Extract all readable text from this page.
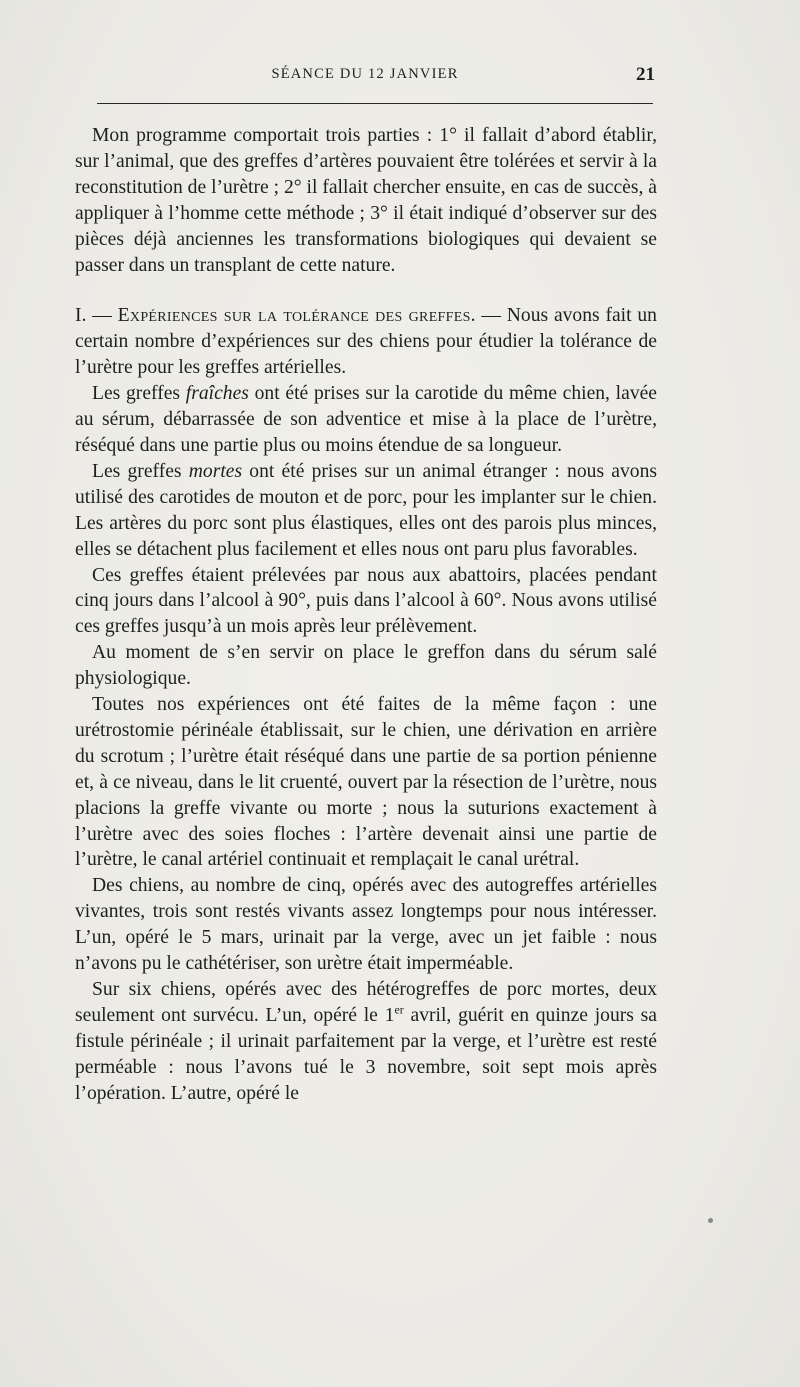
SÉANCE DU 12 JANVIER	21

Mon programme comportait trois parties : 1° il fallait d’abord établir, sur l’animal, que des greffes d’artères pouvaient être tolérées et servir à la reconstitution de l’urètre ; 2° il fallait chercher ensuite, en cas de succès, à appliquer à l’homme cette méthode ; 3° il était indiqué d’observer sur des pièces déjà anciennes les transformations biologiques qui devaient se passer dans un transplant de cette nature.

I. — Expériences sur la tolérance des greffes. — Nous avons fait un certain nombre d’expériences sur des chiens pour étudier la tolérance de l’urètre pour les greffes artérielles.

Les greffes fraîches ont été prises sur la carotide du même chien, lavée au sérum, débarrassée de son adventice et mise à la place de l’urètre, réséqué dans une partie plus ou moins étendue de sa longueur.

Les greffes mortes ont été prises sur un animal étranger : nous avons utilisé des carotides de mouton et de porc, pour les implanter sur le chien. Les artères du porc sont plus élastiques, elles ont des parois plus minces, elles se détachent plus facilement et elles nous ont paru plus favorables.

Ces greffes étaient prélevées par nous aux abattoirs, placées pendant cinq jours dans l’alcool à 90°, puis dans l’alcool à 60°. Nous avons utilisé ces greffes jusqu’à un mois après leur prélèvement.

Au moment de s’en servir on place le greffon dans du sérum salé physiologique.

Toutes nos expériences ont été faites de la même façon : une urétrostomie périnéale établissait, sur le chien, une dérivation en arrière du scrotum ; l’urètre était réséqué dans une partie de sa portion pénienne et, à ce niveau, dans le lit cruenté, ouvert par la résection de l’urètre, nous placions la greffe vivante ou morte ; nous la suturions exactement à l’urètre avec des soies floches : l’artère devenait ainsi une partie de l’urètre, le canal artériel continuait et remplaçait le canal urétral.

Des chiens, au nombre de cinq, opérés avec des autogreffes artérielles vivantes, trois sont restés vivants assez longtemps pour nous intéresser. L’un, opéré le 5 mars, urinait par la verge, avec un jet faible : nous n’avons pu le cathétériser, son urètre était imperméable.

Sur six chiens, opérés avec des hétérogreffes de porc mortes, deux seulement ont survécu. L’un, opéré le 1er avril, guérit en quinze jours sa fistule périnéale ; il urinait parfaitement par la verge, et l’urètre est resté perméable : nous l’avons tué le 3 novembre, soit sept mois après l’opération. L’autre, opéré le
